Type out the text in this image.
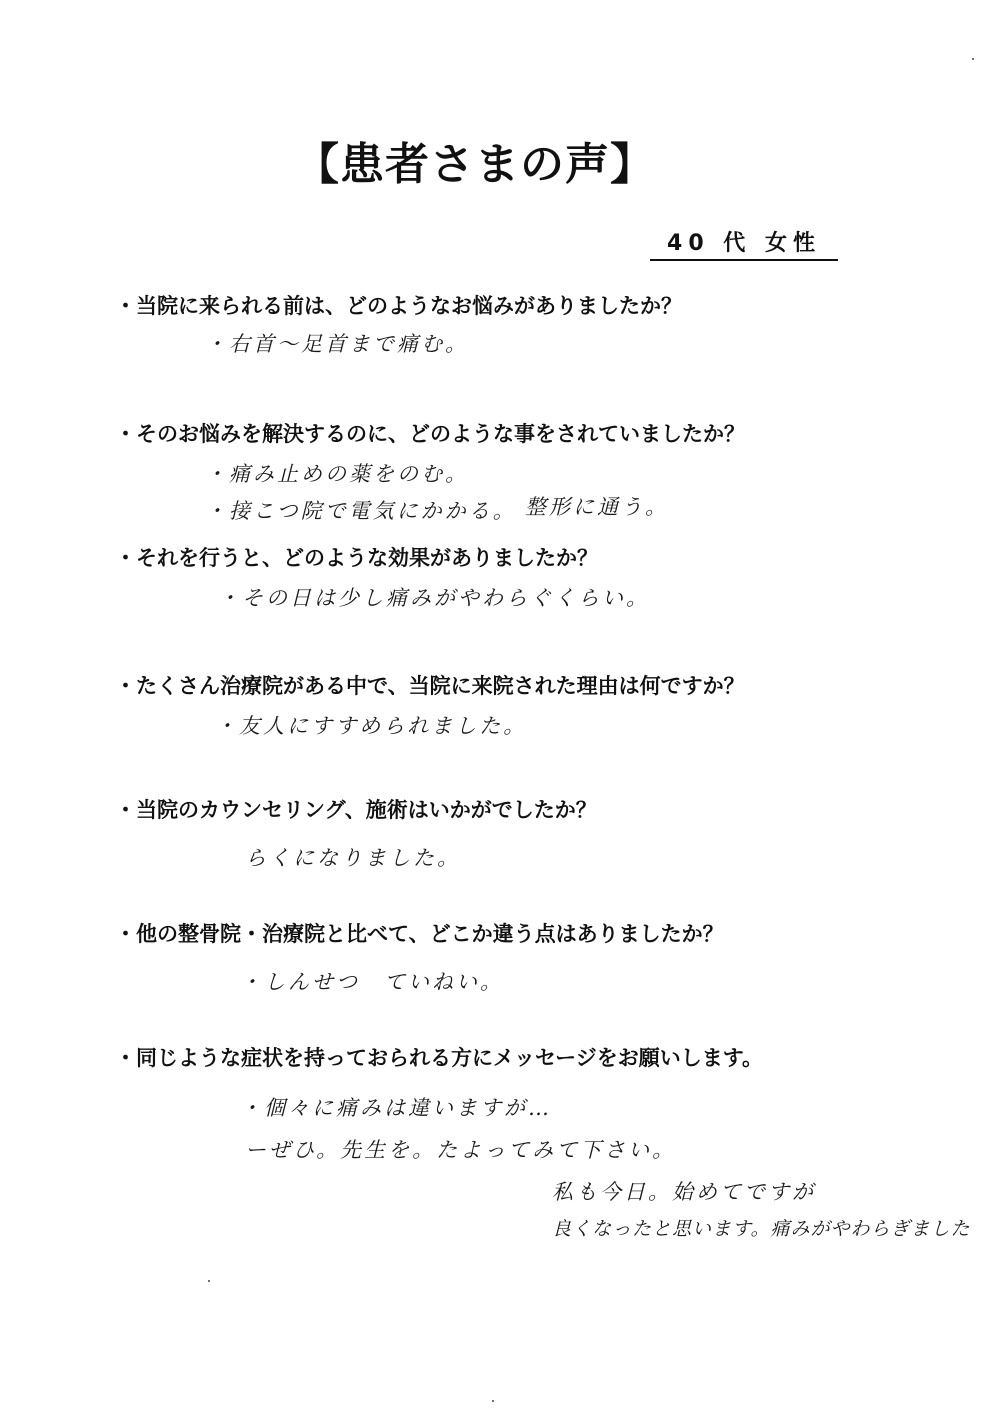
【患者さまの声】
40 代 女性
・当院に来られる前は、どのようなお悩みがありましたか？
・右首〜足首まで痛む。
・そのお悩みを解決するのに、どのような事をされていましたか？
・痛み止めの薬をのむ。
・接こつ院で電気にかかる。 整形に通う。
・それを行うと、どのような効果がありましたか？
・その日は少し痛みがやわらぐくらい。
・たくさん治療院がある中で、当院に来院された理由は何ですか？
・友人にすすめられました。
・当院のカウンセリング、施術はいかがでしたか？
らくになりました。
・他の整骨院・治療院と比べて、どこか違う点はありましたか？
・しんせつ　ていねい。
・同じような症状を持っておられる方にメッセージをお願いします。
・個々に痛みは違いますが…
ーぜひ。先生を。たよってみて下さい。
私も今日。始めてですが
良くなったと思います。痛みがやわらぎました
